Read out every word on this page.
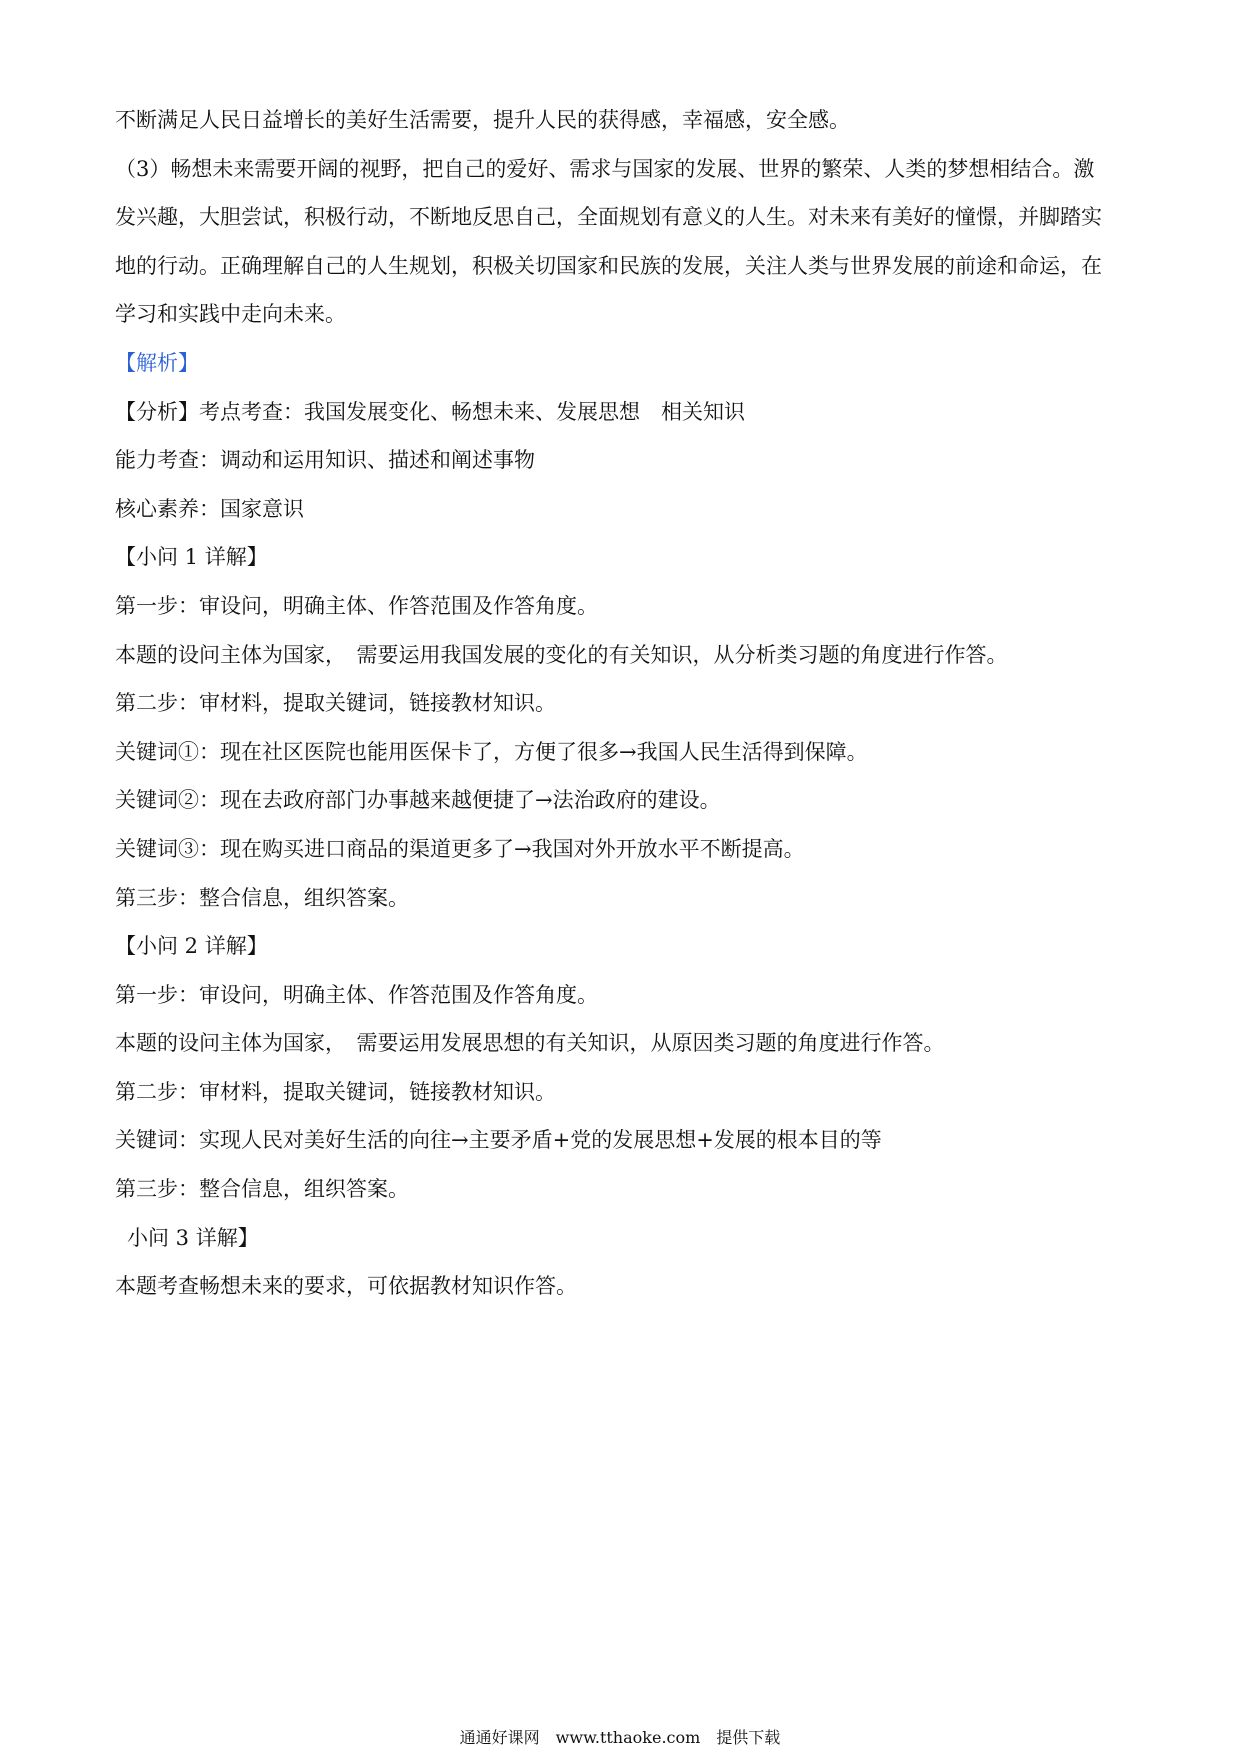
不断满足人民日益增长的美好生活需要，提升人民的获得感，幸福感，安全感。
（3）畅想未来需要开阔的视野，把自己的爱好、需求与国家的发展、世界的繁荣、人类的梦想相结合。激
发兴趣，大胆尝试，积极行动，不断地反思自己，全面规划有意义的人生。对未来有美好的憧憬，并脚踏实
地的行动。正确理解自己的人生规划，积极关切国家和民族的发展，关注人类与世界发展的前途和命运，在
学习和实践中走向未来。
【解析】
【分析】考点考查：我国发展变化、畅想未来、发展思想　相关知识
能力考查：调动和运用知识、描述和阐述事物
核心素养：国家意识
【小问 1 详解】
第一步：审设问，明确主体、作答范围及作答角度。
本题的设问主体为国家，　需要运用我国发展的变化的有关知识，从分析类习题的角度进行作答。
第二步：审材料，提取关键词，链接教材知识。
关键词①：现在社区医院也能用医保卡了，方便了很多→我国人民生活得到保障。
关键词②：现在去政府部门办事越来越便捷了→法治政府的建设。
关键词③：现在购买进口商品的渠道更多了→我国对外开放水平不断提高。
第三步：整合信息，组织答案。
【小问 2 详解】
第一步：审设问，明确主体、作答范围及作答角度。
本题的设问主体为国家，　需要运用发展思想的有关知识，从原因类习题的角度进行作答。
第二步：审材料，提取关键词，链接教材知识。
关键词：实现人民对美好生活的向往→主要矛盾+党的发展思想+发展的根本目的等
第三步：整合信息，组织答案。
小问 3 详解】
本题考查畅想未来的要求，可依据教材知识作答。
通通好课网　www.tthaoke.com　提供下载
